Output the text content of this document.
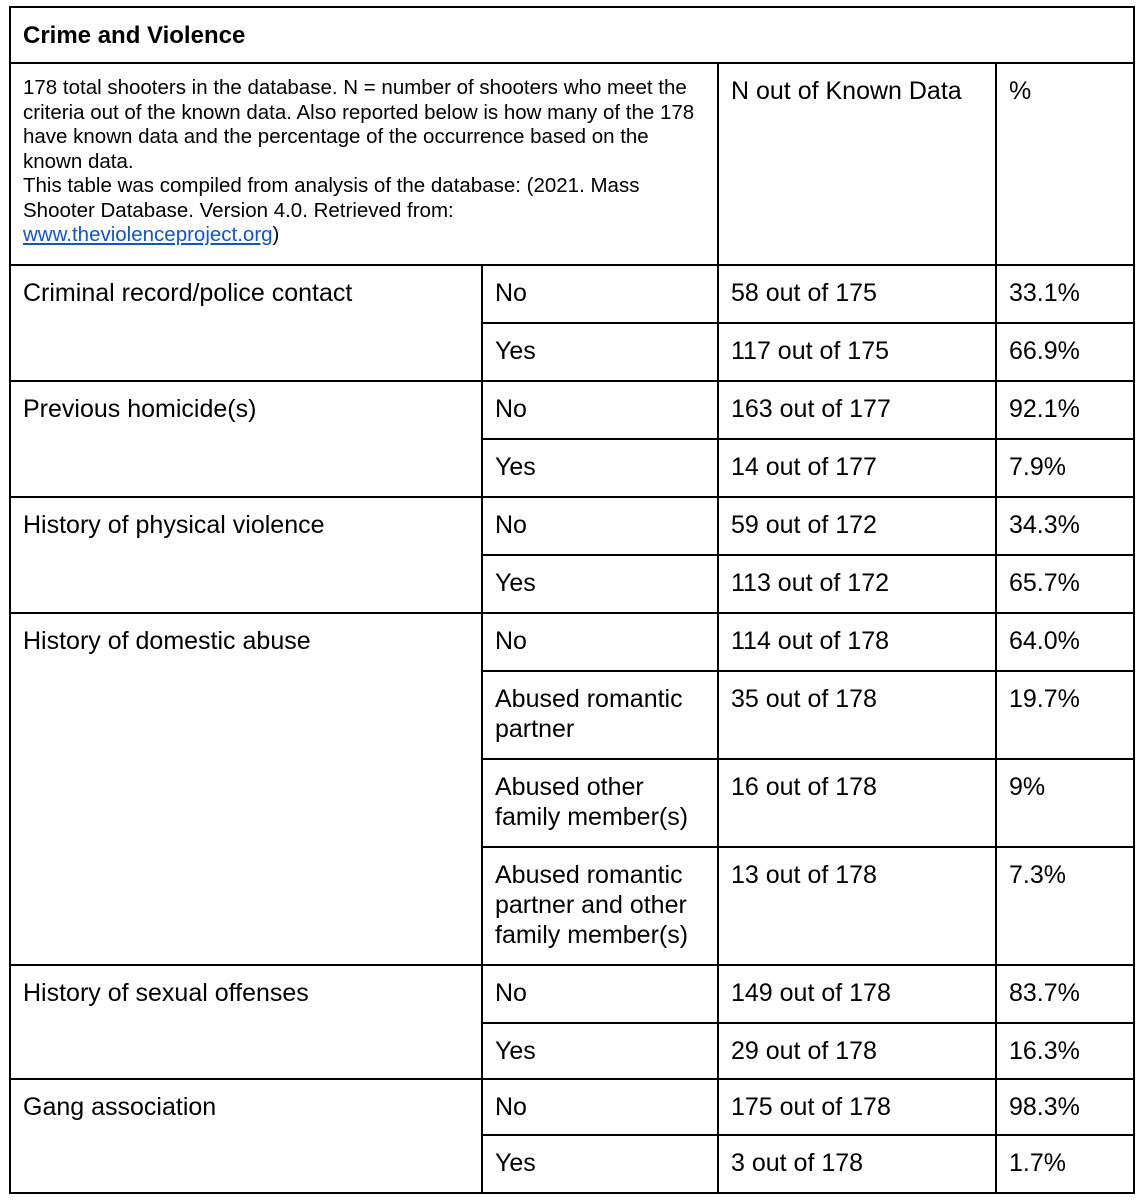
Crime and Violence			
178 total shooters in the database. N = number of shooters who meet the criteria out of the known data. Also reported below is how many of the 178 have known data and the percentage of the occurrence based on the known data.
This table was compiled from analysis of the database: (2021. Mass Shooter Database. Version 4.0. Retrieved from: www.theviolenceproject.org)		N out of Known Data	%
Criminal record/police contact	No	58 out of 175	33.1%
	Yes	117 out of 175	66.9%
Previous homicide(s)	No	163 out of 177	92.1%
	Yes	14 out of 177	7.9%
History of physical violence	No	59 out of 172	34.3%
	Yes	113 out of 172	65.7%
History of domestic abuse	No	114 out of 178	64.0%
	Abused romantic partner	35 out of 178	19.7%
	Abused other family member(s)	16 out of 178	9%
	Abused romantic partner and other family member(s)	13 out of 178	7.3%
History of sexual offenses	No	149 out of 178	83.7%
	Yes	29 out of 178	16.3%
Gang association	No	175 out of 178	98.3%
	Yes	3 out of 178	1.7%
